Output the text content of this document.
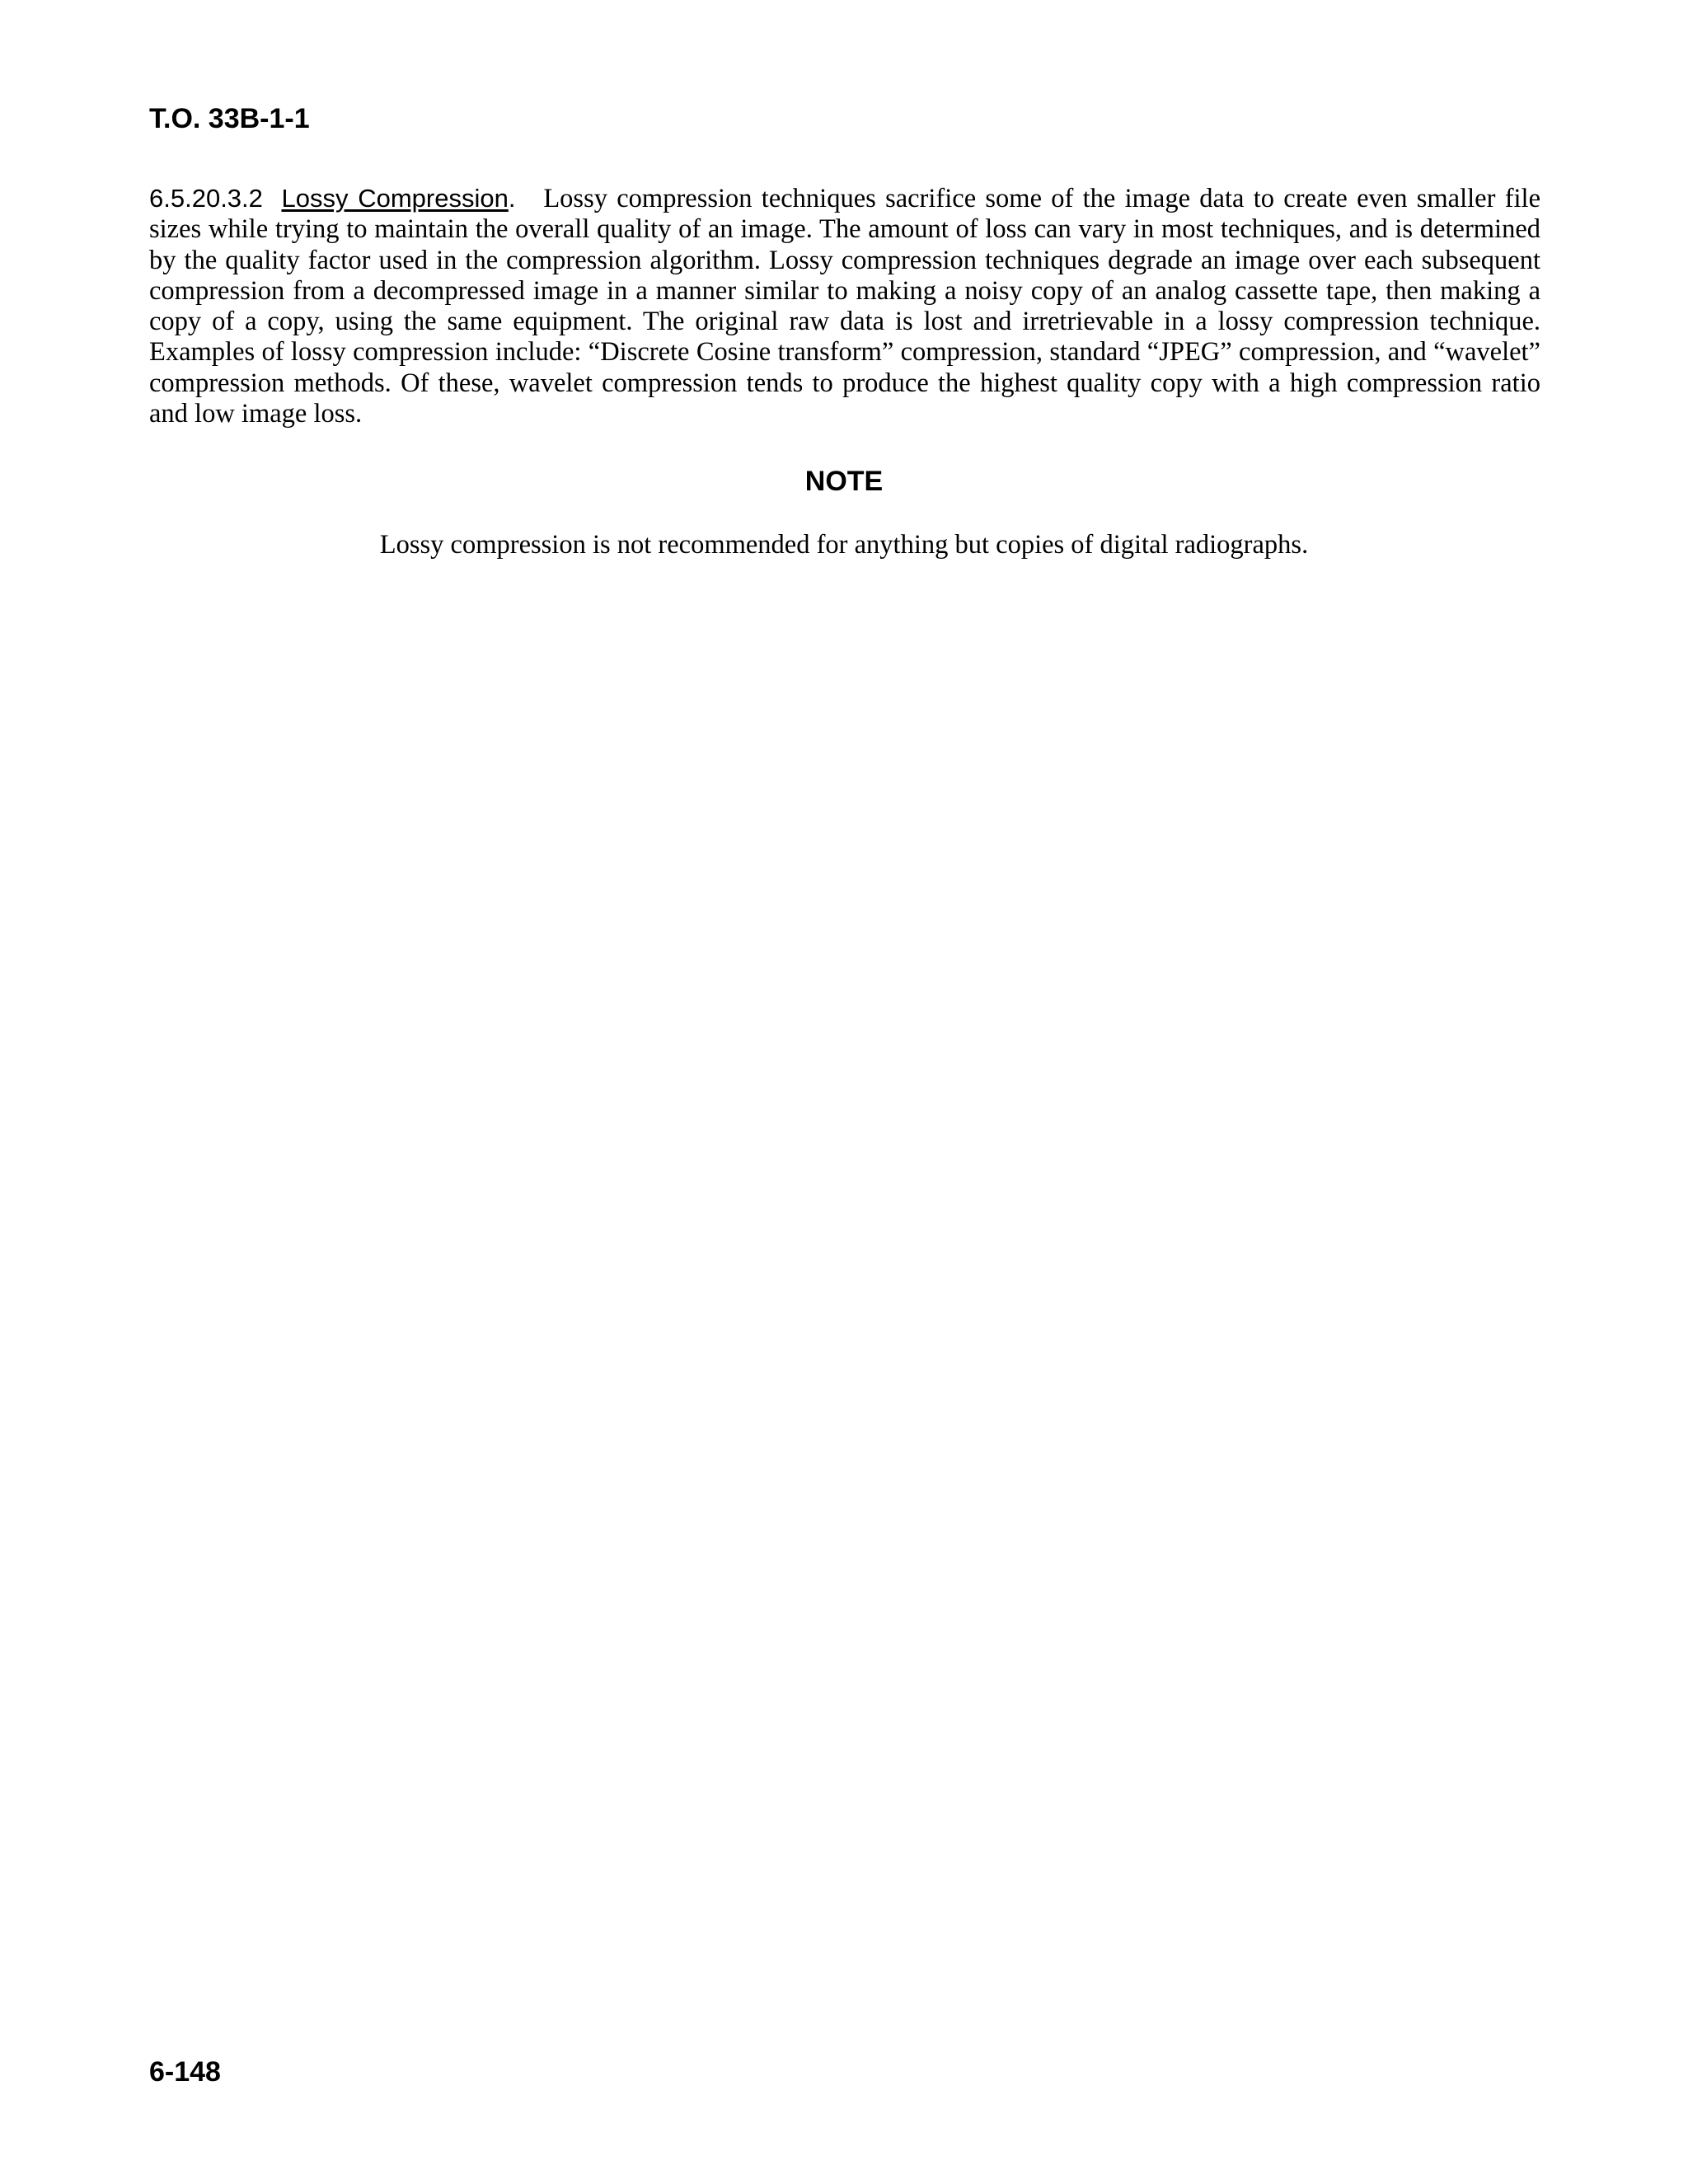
T.O. 33B-1-1

6.5.20.3.2 Lossy Compression. Lossy compression techniques sacrifice some of the image data to create even smaller file sizes while trying to maintain the overall quality of an image. The amount of loss can vary in most techniques, and is determined by the quality factor used in the compression algorithm. Lossy compression techniques degrade an image over each subsequent compression from a decompressed image in a manner similar to making a noisy copy of an analog cassette tape, then making a copy of a copy, using the same equipment. The original raw data is lost and irretrievable in a lossy compression technique. Examples of lossy compression include: “Discrete Cosine transform” compression, standard “JPEG” compression, and “wavelet” compression methods. Of these, wavelet compression tends to produce the highest quality copy with a high compression ratio and low image loss.

NOTE
Lossy compression is not recommended for anything but copies of digital radiographs.
6-148
